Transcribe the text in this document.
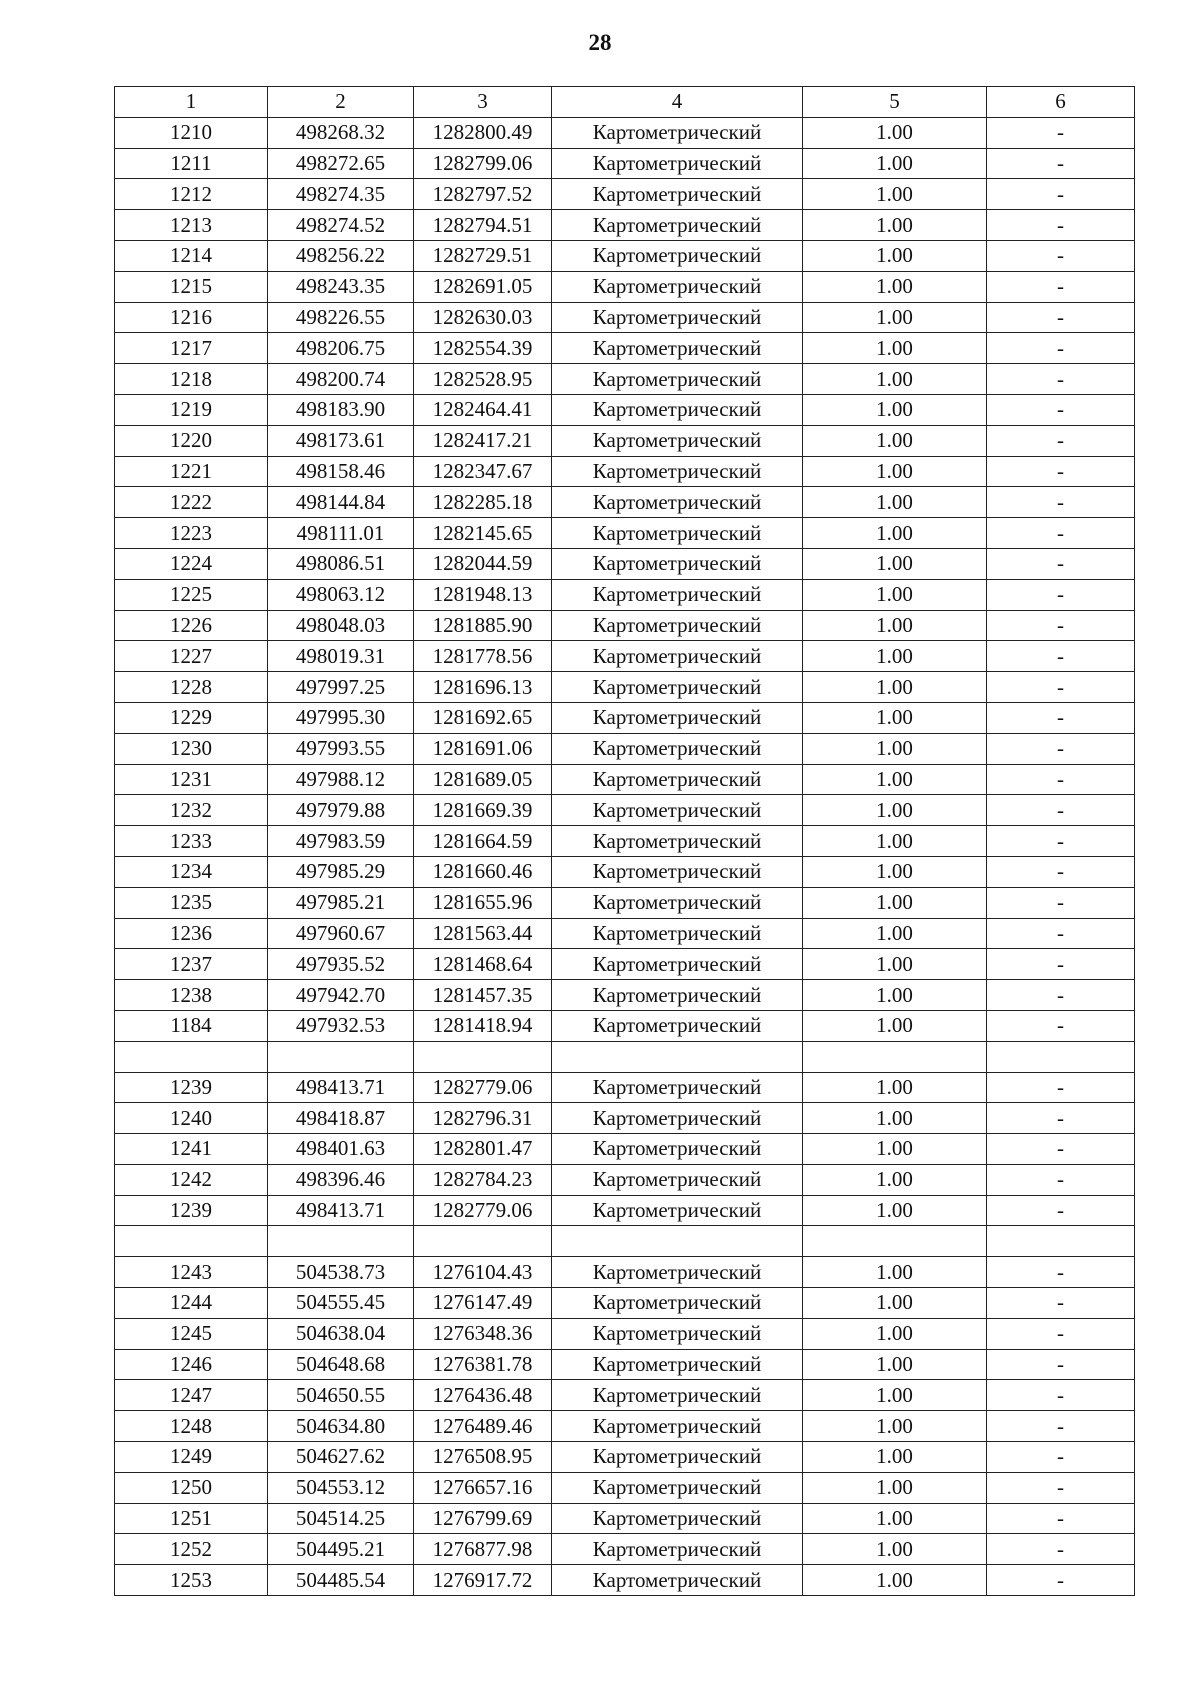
28
1	2	3	4	5	6
1210	498268.32	1282800.49	Картометрический	1.00	-
1211	498272.65	1282799.06	Картометрический	1.00	-
1212	498274.35	1282797.52	Картометрический	1.00	-
1213	498274.52	1282794.51	Картометрический	1.00	-
1214	498256.22	1282729.51	Картометрический	1.00	-
1215	498243.35	1282691.05	Картометрический	1.00	-
1216	498226.55	1282630.03	Картометрический	1.00	-
1217	498206.75	1282554.39	Картометрический	1.00	-
1218	498200.74	1282528.95	Картометрический	1.00	-
1219	498183.90	1282464.41	Картометрический	1.00	-
1220	498173.61	1282417.21	Картометрический	1.00	-
1221	498158.46	1282347.67	Картометрический	1.00	-
1222	498144.84	1282285.18	Картометрический	1.00	-
1223	498111.01	1282145.65	Картометрический	1.00	-
1224	498086.51	1282044.59	Картометрический	1.00	-
1225	498063.12	1281948.13	Картометрический	1.00	-
1226	498048.03	1281885.90	Картометрический	1.00	-
1227	498019.31	1281778.56	Картометрический	1.00	-
1228	497997.25	1281696.13	Картометрический	1.00	-
1229	497995.30	1281692.65	Картометрический	1.00	-
1230	497993.55	1281691.06	Картометрический	1.00	-
1231	497988.12	1281689.05	Картометрический	1.00	-
1232	497979.88	1281669.39	Картометрический	1.00	-
1233	497983.59	1281664.59	Картометрический	1.00	-
1234	497985.29	1281660.46	Картометрический	1.00	-
1235	497985.21	1281655.96	Картометрический	1.00	-
1236	497960.67	1281563.44	Картометрический	1.00	-
1237	497935.52	1281468.64	Картометрический	1.00	-
1238	497942.70	1281457.35	Картометрический	1.00	-
1184	497932.53	1281418.94	Картометрический	1.00	-

1239	498413.71	1282779.06	Картометрический	1.00	-
1240	498418.87	1282796.31	Картометрический	1.00	-
1241	498401.63	1282801.47	Картометрический	1.00	-
1242	498396.46	1282784.23	Картометрический	1.00	-
1239	498413.71	1282779.06	Картометрический	1.00	-

1243	504538.73	1276104.43	Картометрический	1.00	-
1244	504555.45	1276147.49	Картометрический	1.00	-
1245	504638.04	1276348.36	Картометрический	1.00	-
1246	504648.68	1276381.78	Картометрический	1.00	-
1247	504650.55	1276436.48	Картометрический	1.00	-
1248	504634.80	1276489.46	Картометрический	1.00	-
1249	504627.62	1276508.95	Картометрический	1.00	-
1250	504553.12	1276657.16	Картометрический	1.00	-
1251	504514.25	1276799.69	Картометрический	1.00	-
1252	504495.21	1276877.98	Картометрический	1.00	-
1253	504485.54	1276917.72	Картометрический	1.00	-
